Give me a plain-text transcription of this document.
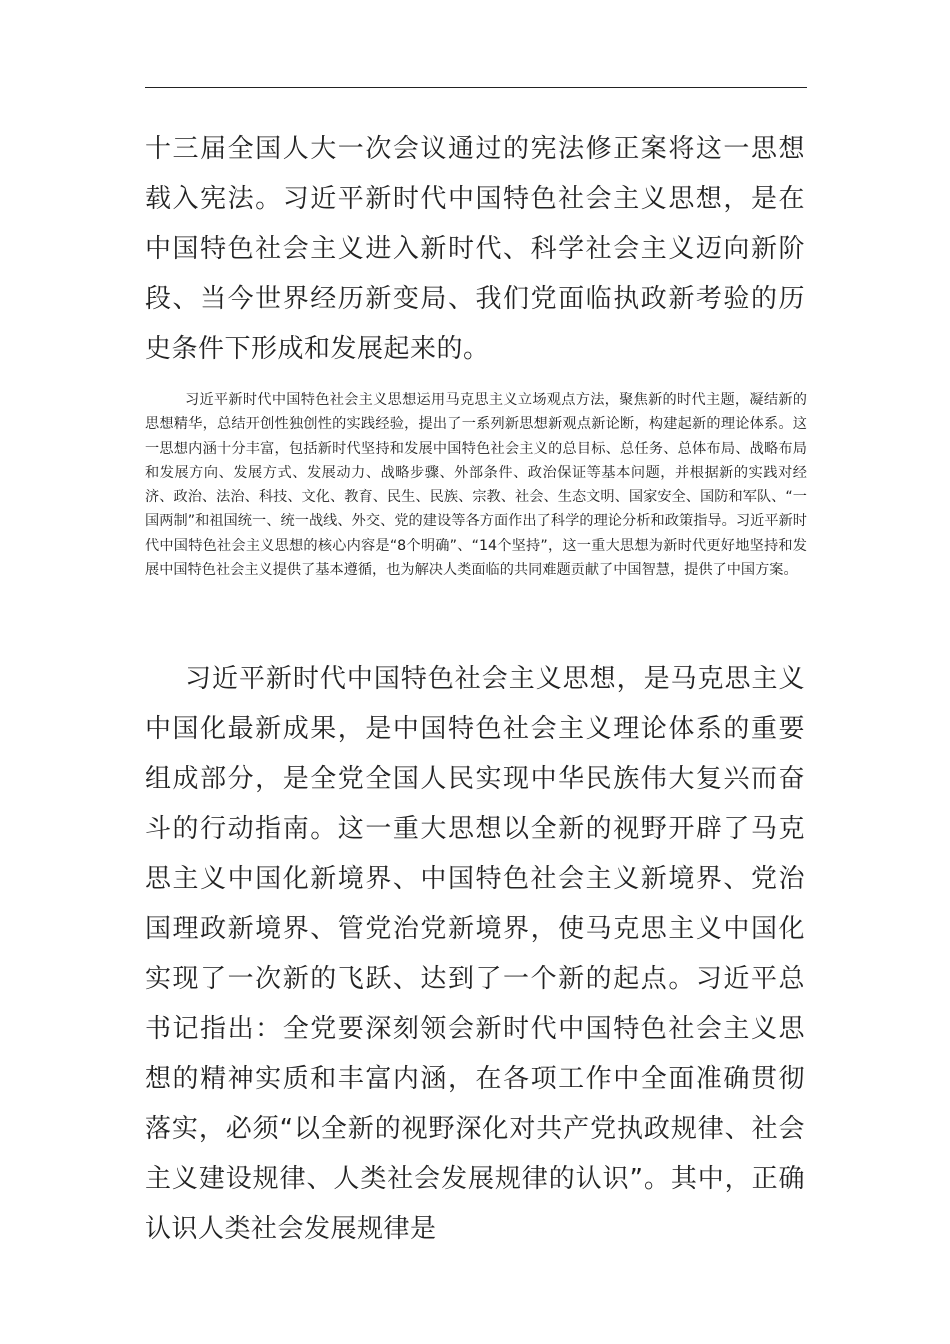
十三届全国人大一次会议通过的宪法修正案将这一思想载入宪法。习近平新时代中国特色社会主义思想，是在中国特色社会主义进入新时代、科学社会主义迈向新阶段、当今世界经历新变局、我们党面临执政新考验的历史条件下形成和发展起来的。

习近平新时代中国特色社会主义思想运用马克思主义立场观点方法，聚焦新的时代主题，凝结新的思想精华，总结开创性独创性的实践经验，提出了一系列新思想新观点新论断，构建起新的理论体系。这一思想内涵十分丰富，包括新时代坚持和发展中国特色社会主义的总目标、总任务、总体布局、战略布局和发展方向、发展方式、发展动力、战略步骤、外部条件、政治保证等基本问题，并根据新的实践对经济、政治、法治、科技、文化、教育、民生、民族、宗教、社会、生态文明、国家安全、国防和军队、“一国两制”和祖国统一、统一战线、外交、党的建设等各方面作出了科学的理论分析和政策指导。习近平新时代中国特色社会主义思想的核心内容是“8个明确”、“14个坚持”，这一重大思想为新时代更好地坚持和发展中国特色社会主义提供了基本遵循，也为解决人类面临的共同难题贡献了中国智慧，提供了中国方案。

习近平新时代中国特色社会主义思想，是马克思主义中国化最新成果，是中国特色社会主义理论体系的重要组成部分，是全党全国人民实现中华民族伟大复兴而奋斗的行动指南。这一重大思想以全新的视野开辟了马克思主义中国化新境界、中国特色社会主义新境界、党治国理政新境界、管党治党新境界，使马克思主义中国化实现了一次新的飞跃、达到了一个新的起点。习近平总书记指出：全党要深刻领会新时代中国特色社会主义思想的精神实质和丰富内涵，在各项工作中全面准确贯彻落实，必须“以全新的视野深化对共产党执政规律、社会主义建设规律、人类社会发展规律的认识”。其中，正确认识人类社会发展规律是
